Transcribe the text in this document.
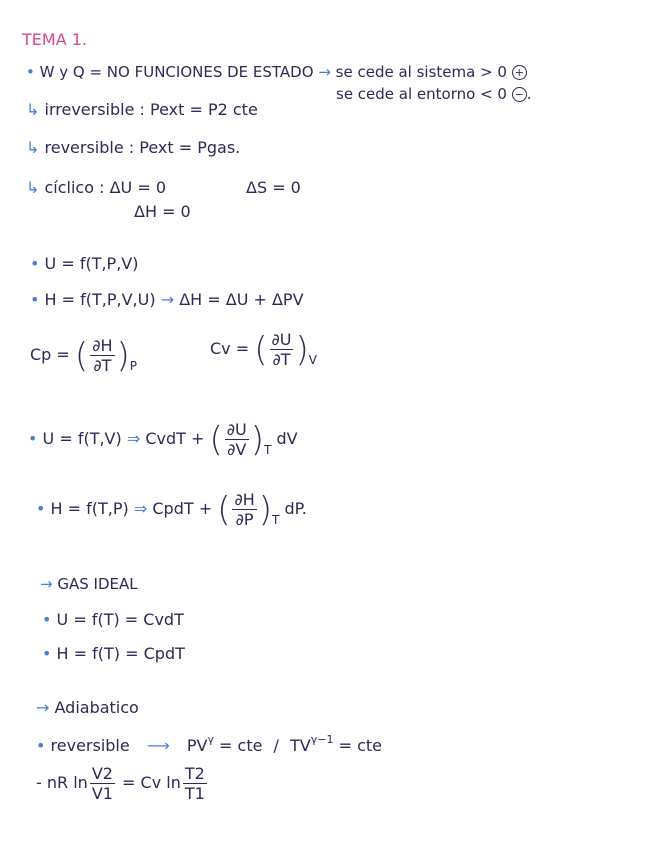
TEMA 1.
• W y Q = NO FUNCIONES DE ESTADO → se cede al sistema > 0 +
se cede al entorno < 0 − .
↳ irreversible : Pext = P2 cte
↳ reversible : Pext = Pgas.
↳ cíclico : ΔU = 0	ΔS = 0
ΔH = 0
• U = f(T,P,V)
• H = f(T,P,V,U) → ΔH = ΔU + ΔPV
Cp = ( $\frac{\partial H}{\partial T} )_P$
Cv = ( $\frac{\partial U}{\partial T} )_V$
• U = f(T,V) ⇒ CvdT + ( $\frac{\partial U}{\partial V} )_T$ dV
• H = f(T,P) ⇒ CpdT + ( $\frac{\partial H}{\partial P} )_T$ dP.
→ GAS IDEAL
• U = f(T) = CvdT
• H = f(T) = CpdT
→ Adiabatico
• reversible ⟶ $PV^\gamma$ = cte / $TV^{\gamma-1}$ = cte
- nR $\ln \frac{V2}{V1} = Cv$ $\ln \frac{T2}{T1}$
